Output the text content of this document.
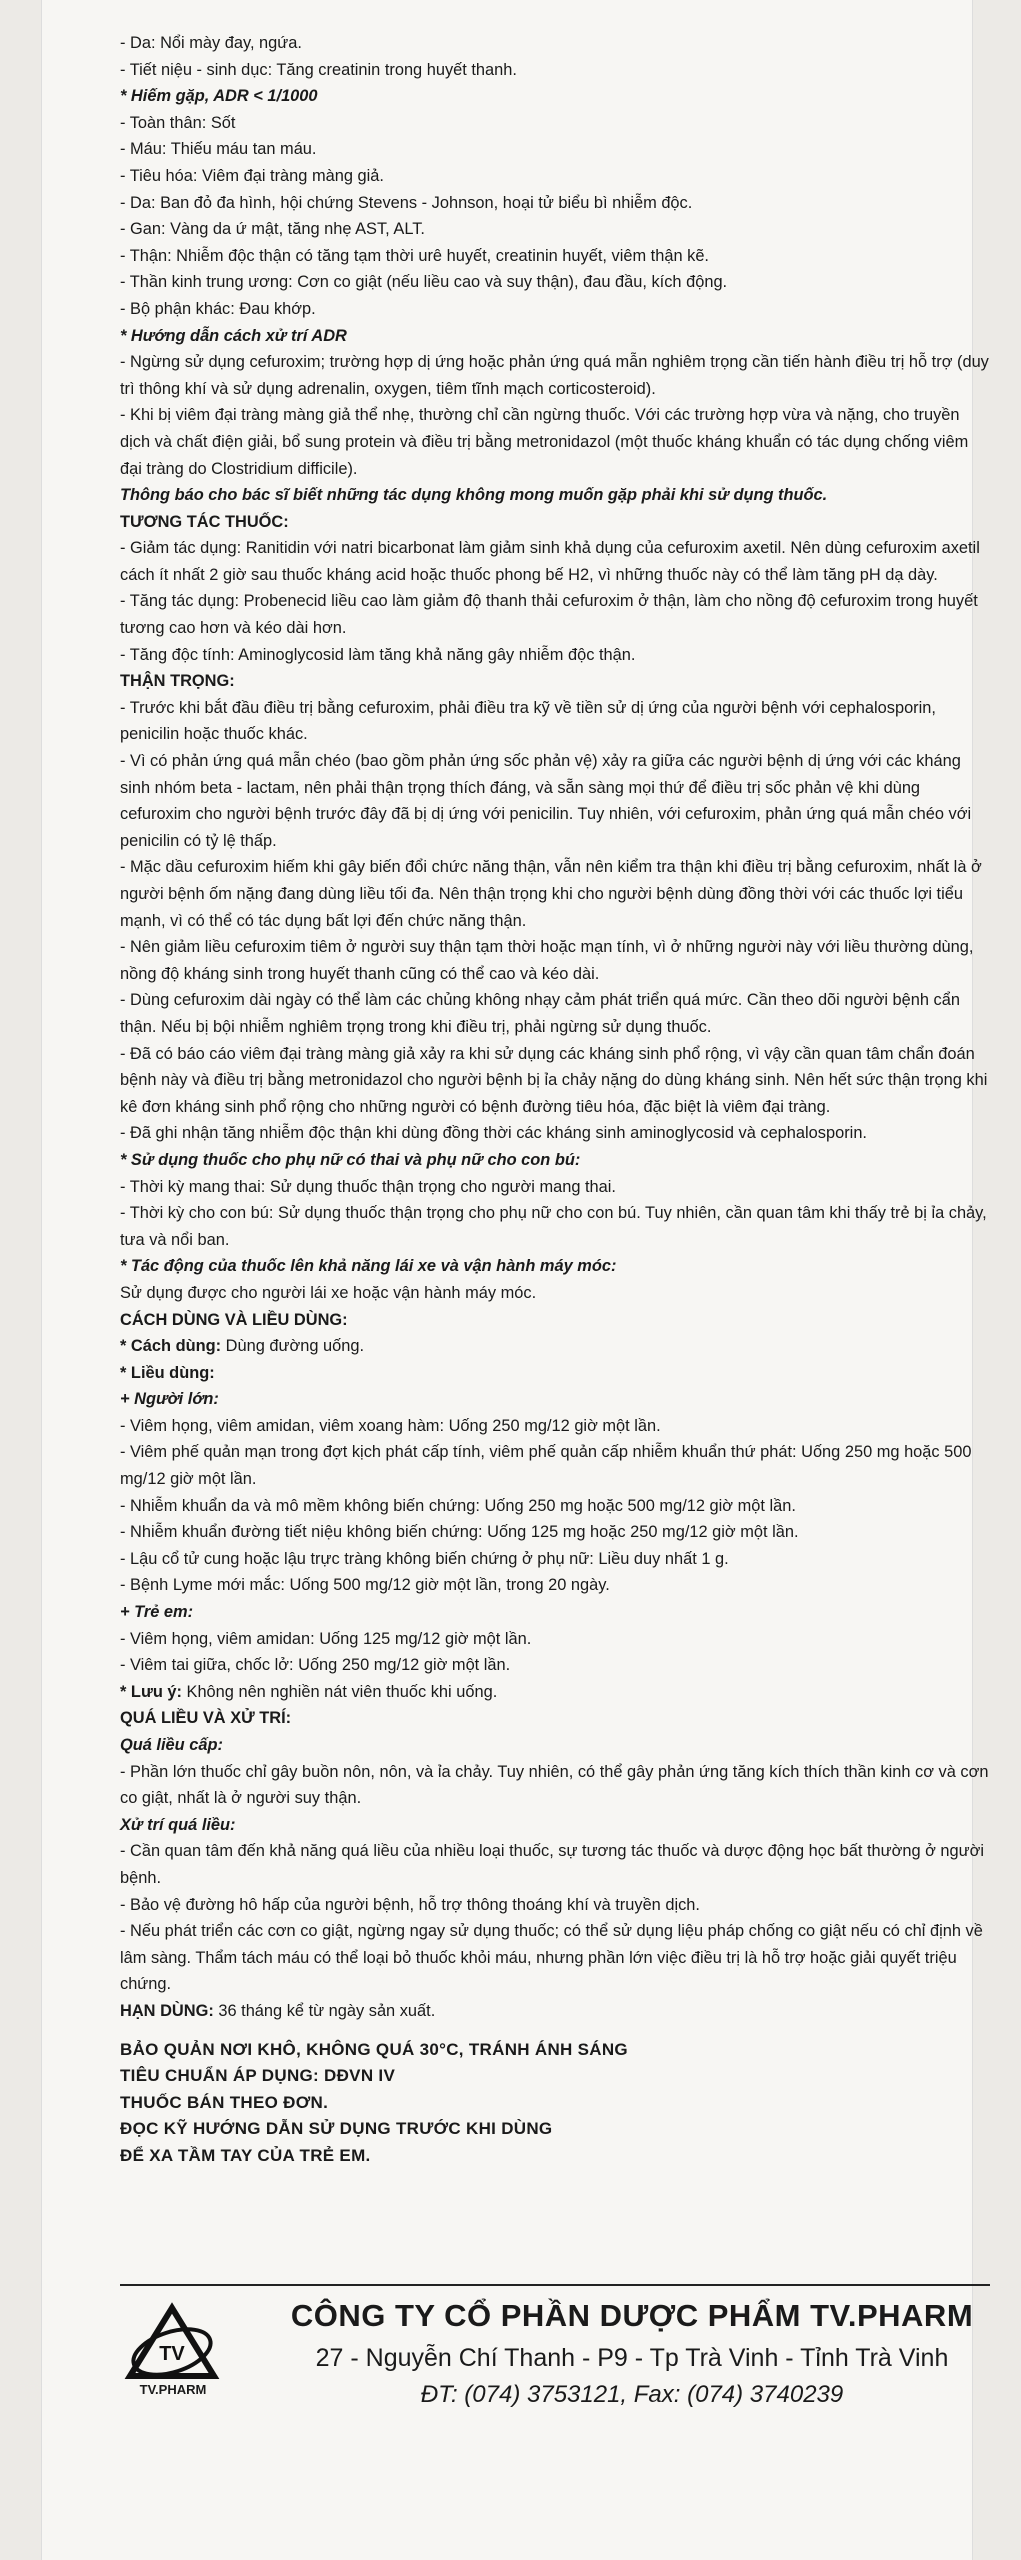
- Da: Nổi mày đay, ngứa.
- Tiết niệu - sinh dục: Tăng creatinin trong huyết thanh.
* Hiếm gặp, ADR < 1/1000
- Toàn thân: Sốt
- Máu: Thiếu máu tan máu.
- Tiêu hóa: Viêm đại tràng màng giả.
- Da: Ban đỏ đa hình, hội chứng Stevens - Johnson, hoại tử biểu bì nhiễm độc.
- Gan: Vàng da ứ mật, tăng nhẹ AST, ALT.
- Thận: Nhiễm độc thận có tăng tạm thời urê huyết, creatinin huyết, viêm thận kẽ.
- Thần kinh trung ương: Cơn co giật (nếu liều cao và suy thận), đau đầu, kích động.
- Bộ phận khác: Đau khớp.
* Hướng dẫn cách xử trí ADR
- Ngừng sử dụng cefuroxim; trường hợp dị ứng hoặc phản ứng quá mẫn nghiêm trọng cần tiến hành điều trị hỗ trợ (duy trì thông khí và sử dụng adrenalin, oxygen, tiêm tĩnh mạch corticosteroid).
- Khi bị viêm đại tràng màng giả thể nhẹ, thường chỉ cần ngừng thuốc. Với các trường hợp vừa và nặng, cho truyền dịch và chất điện giải, bổ sung protein và điều trị bằng metronidazol (một thuốc kháng khuẩn có tác dụng chống viêm đại tràng do Clostridium difficile).
Thông báo cho bác sĩ biết những tác dụng không mong muốn gặp phải khi sử dụng thuốc.
TƯƠNG TÁC THUỐC:
- Giảm tác dụng: Ranitidin với natri bicarbonat làm giảm sinh khả dụng của cefuroxim axetil. Nên dùng cefuroxim axetil cách ít nhất 2 giờ sau thuốc kháng acid hoặc thuốc phong bế H2, vì những thuốc này có thể làm tăng pH dạ dày.
- Tăng tác dụng: Probenecid liều cao làm giảm độ thanh thải cefuroxim ở thận, làm cho nồng độ cefuroxim trong huyết tương cao hơn và kéo dài hơn.
- Tăng độc tính: Aminoglycosid làm tăng khả năng gây nhiễm độc thận.
THẬN TRỌNG:
- Trước khi bắt đầu điều trị bằng cefuroxim, phải điều tra kỹ về tiền sử dị ứng của người bệnh với cephalosporin, penicilin hoặc thuốc khác.
- Vì có phản ứng quá mẫn chéo (bao gồm phản ứng sốc phản vệ) xảy ra giữa các người bệnh dị ứng với các kháng sinh nhóm beta - lactam, nên phải thận trọng thích đáng, và sẵn sàng mọi thứ để điều trị sốc phản vệ khi dùng cefuroxim cho người bệnh trước đây đã bị dị ứng với penicilin. Tuy nhiên, với cefuroxim, phản ứng quá mẫn chéo với penicilin có tỷ lệ thấp.
- Mặc dầu cefuroxim hiếm khi gây biến đổi chức năng thận, vẫn nên kiểm tra thận khi điều trị bằng cefuroxim, nhất là ở người bệnh ốm nặng đang dùng liều tối đa. Nên thận trọng khi cho người bệnh dùng đồng thời với các thuốc lợi tiểu mạnh, vì có thể có tác dụng bất lợi đến chức năng thận.
- Nên giảm liều cefuroxim tiêm ở người suy thận tạm thời hoặc mạn tính, vì ở những người này với liều thường dùng, nồng độ kháng sinh trong huyết thanh cũng có thể cao và kéo dài.
- Dùng cefuroxim dài ngày có thể làm các chủng không nhạy cảm phát triển quá mức. Cần theo dõi người bệnh cẩn thận. Nếu bị bội nhiễm nghiêm trọng trong khi điều trị, phải ngừng sử dụng thuốc.
- Đã có báo cáo viêm đại tràng màng giả xảy ra khi sử dụng các kháng sinh phổ rộng, vì vậy cần quan tâm chẩn đoán bệnh này và điều trị bằng metronidazol cho người bệnh bị ỉa chảy nặng do dùng kháng sinh. Nên hết sức thận trọng khi kê đơn kháng sinh phổ rộng cho những người có bệnh đường tiêu hóa, đặc biệt là viêm đại tràng.
- Đã ghi nhận tăng nhiễm độc thận khi dùng đồng thời các kháng sinh aminoglycosid và cephalosporin.
* Sử dụng thuốc cho phụ nữ có thai và phụ nữ cho con bú:
- Thời kỳ mang thai: Sử dụng thuốc thận trọng cho người mang thai.
- Thời kỳ cho con bú: Sử dụng thuốc thận trọng cho phụ nữ cho con bú. Tuy nhiên, cần quan tâm khi thấy trẻ bị ỉa chảy, tưa và nổi ban.
* Tác động của thuốc lên khả năng lái xe và vận hành máy móc:
Sử dụng được cho người lái xe hoặc vận hành máy móc.
CÁCH DÙNG VÀ LIỀU DÙNG:
* Cách dùng: Dùng đường uống.
* Liều dùng:
+ Người lớn:
- Viêm họng, viêm amidan, viêm xoang hàm: Uống 250 mg/12 giờ một lần.
- Viêm phế quản mạn trong đợt kịch phát cấp tính, viêm phế quản cấp nhiễm khuẩn thứ phát: Uống 250 mg hoặc 500 mg/12 giờ một lần.
- Nhiễm khuẩn da và mô mềm không biến chứng: Uống 250 mg hoặc 500 mg/12 giờ một lần.
- Nhiễm khuẩn đường tiết niệu không biến chứng: Uống 125 mg hoặc 250 mg/12 giờ một lần.
- Lậu cổ tử cung hoặc lậu trực tràng không biến chứng ở phụ nữ: Liều duy nhất 1 g.
- Bệnh Lyme mới mắc: Uống 500 mg/12 giờ một lần, trong 20 ngày.
+ Trẻ em:
- Viêm họng, viêm amidan: Uống 125 mg/12 giờ một lần.
- Viêm tai giữa, chốc lở: Uống 250 mg/12 giờ một lần.
* Lưu ý: Không nên nghiền nát viên thuốc khi uống.
QUÁ LIỀU VÀ XỬ TRÍ:
Quá liều cấp:
- Phần lớn thuốc chỉ gây buồn nôn, nôn, và ỉa chảy. Tuy nhiên, có thể gây phản ứng tăng kích thích thần kinh cơ và cơn co giật, nhất là ở người suy thận.
Xử trí quá liều:
- Cần quan tâm đến khả năng quá liều của nhiều loại thuốc, sự tương tác thuốc và dược động học bất thường ở người bệnh.
- Bảo vệ đường hô hấp của người bệnh, hỗ trợ thông thoáng khí và truyền dịch.
- Nếu phát triển các cơn co giật, ngừng ngay sử dụng thuốc; có thể sử dụng liệu pháp chống co giật nếu có chỉ định về lâm sàng. Thẩm tách máu có thể loại bỏ thuốc khỏi máu, nhưng phần lớn việc điều trị là hỗ trợ hoặc giải quyết triệu chứng.
HẠN DÙNG: 36 tháng kể từ ngày sản xuất.
BẢO QUẢN NƠI KHÔ, KHÔNG QUÁ 30°C, TRÁNH ÁNH SÁNG
TIÊU CHUẨN ÁP DỤNG: DĐVN IV
THUỐC BÁN THEO ĐƠN.
ĐỌC KỸ HƯỚNG DẪN SỬ DỤNG TRƯỚC KHI DÙNG
ĐỂ XA TẦM TAY CỦA TRẺ EM.
TV
TV.PHARM
CÔNG TY CỔ PHẦN DƯỢC PHẨM TV.PHARM
27 - Nguyễn Chí Thanh - P9 - Tp Trà Vinh - Tỉnh Trà Vinh
ĐT: (074) 3753121, Fax: (074) 3740239
